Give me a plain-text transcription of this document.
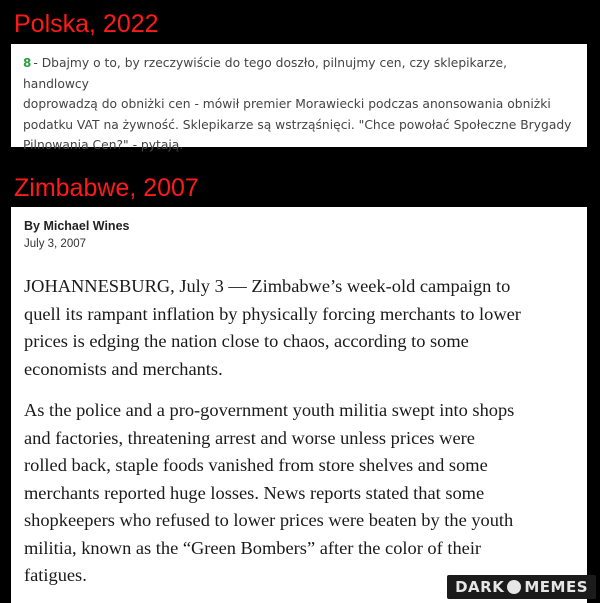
Polska, 2022

8 - Dbajmy o to, by rzeczywiście do tego doszło, pilnujmy cen, czy sklepikarze, handlowcy
doprowadzą do obniżki cen - mówił premier Morawiecki podczas anonsowania obniżki
podatku VAT na żywność. Sklepikarze są wstrząśnięci. "Chce powołać Społeczne Brygady
Pilnowania Cen?" - pytają.

Zimbabwe, 2007

By Michael Wines

July 3, 2007

JOHANNESBURG, July 3 — Zimbabwe’s week-old campaign to
quell its rampant inflation by physically forcing merchants to lower
prices is edging the nation close to chaos, according to some
economists and merchants.

As the police and a pro-government youth militia swept into shops
and factories, threatening arrest and worse unless prices were
rolled back, staple foods vanished from store shelves and some
merchants reported huge losses. News reports stated that some
shopkeepers who refused to lower prices were beaten by the youth
militia, known as the “Green Bombers” after the color of their
fatigues.

DARK MEMES
